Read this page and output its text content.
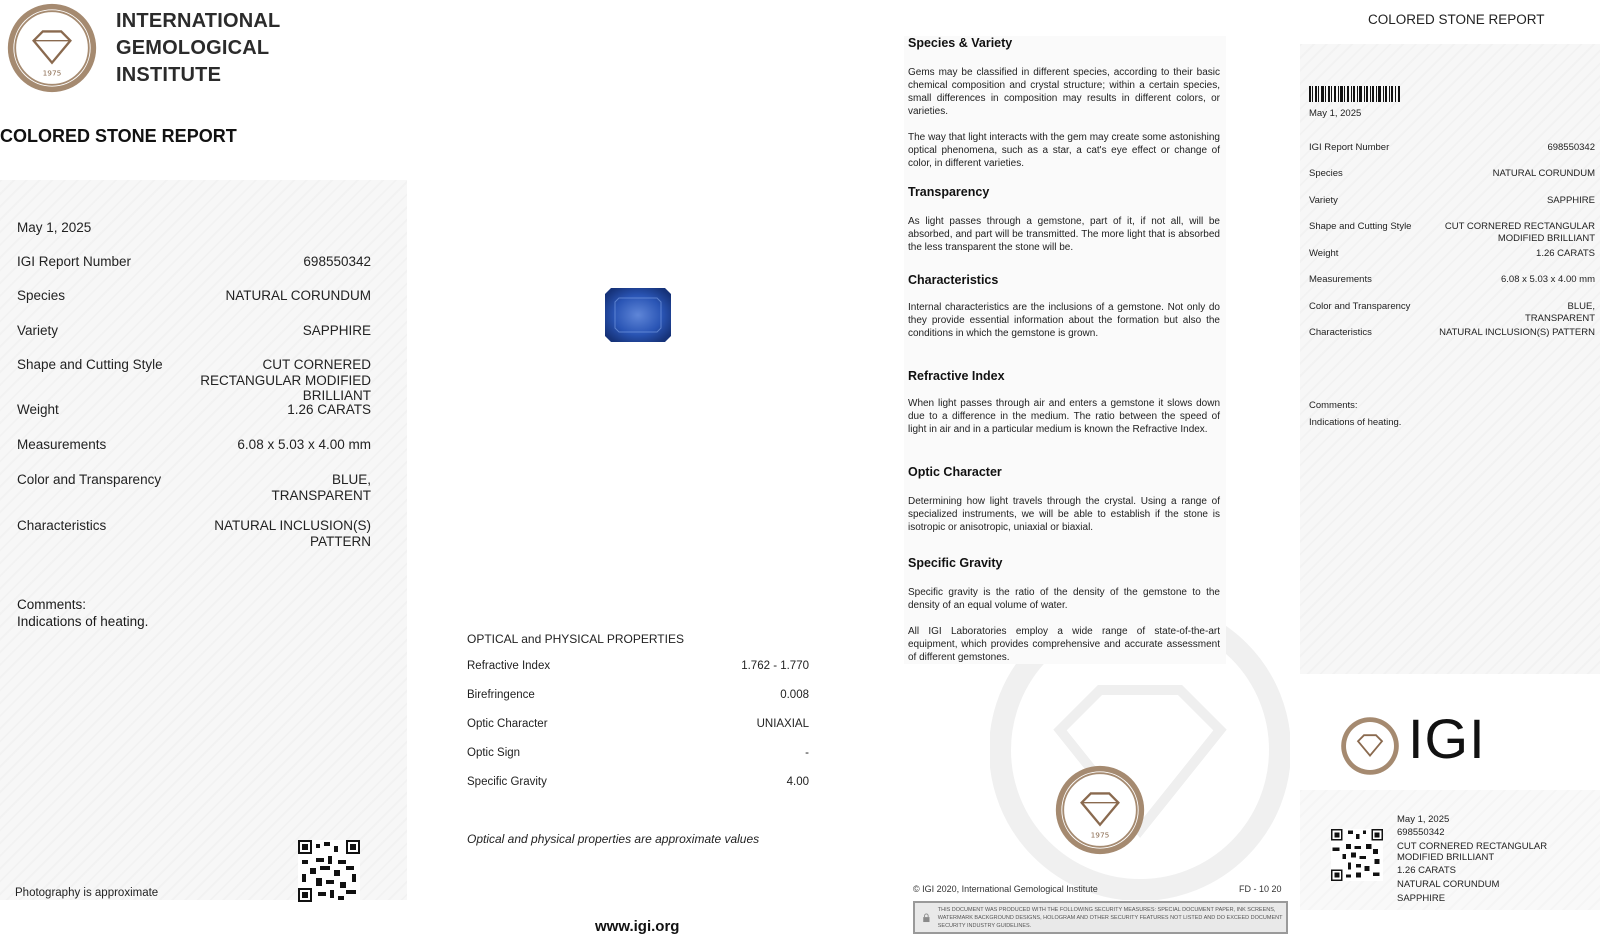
1975
INTERNATIONAL
GEMOLOGICAL
INSTITUTE
COLORED STONE REPORT
May 1, 2025
IGI Report Number	698550342
Species	NATURAL CORUNDUM
Variety	SAPPHIRE
Shape and Cutting Style	CUT CORNERED
RECTANGULAR MODIFIED
BRILLIANT
Weight	1.26 CARATS
Measurements	6.08 x 5.03 x 4.00 mm
Color and Transparency	BLUE,
TRANSPARENT
Characteristics	NATURAL INCLUSION(S)
PATTERN
Comments:
Indications of heating.
Photography is approximate
OPTICAL and PHYSICAL PROPERTIES
Refractive Index	1.762 - 1.770
Birefringence	0.008
Optic Character	UNIAXIAL
Optic Sign	-
Specific Gravity	4.00
Optical and physical properties are approximate values
www.igi.org
Species & Variety
Gems may be classified in different species, according to their basic chemical composition and crystal structure; within a certain species, small differences in composition may results in different colors, or varieties.
The way that light interacts with the gem may create some astonishing optical phenomena, such as a star, a cat's eye effect or change of color, in different varieties.
Transparency
As light passes through a gemstone, part of it, if not all, will be absorbed, and part will be transmitted. The more light that is absorbed the less transparent the stone will be.
Characteristics
Internal characteristics are the inclusions of a gemstone. Not only do they provide essential information about the formation but also the conditions in which the gemstone is grown.
Refractive Index
When light passes through air and enters a gemstone it slows down due to a difference in the medium. The ratio between the speed of light in air and in a particular medium is known the Refractive Index.
Optic Character
Determining how light travels through the crystal. Using a range of specialized instruments, we will be able to establish if the stone is isotropic or anisotropic, uniaxial or biaxial.
Specific Gravity
Specific gravity is the ratio of the density of the gemstone to the density of an equal volume of water.
All IGI Laboratories employ a wide range of state-of-the-art equipment, which provides comprehensive and accurate assessment of different gemstones.
1975
© IGI 2020, International Gemological Institute	FD - 10 20
THIS DOCUMENT WAS PRODUCED WITH THE FOLLOWING SECURITY MEASURES: SPECIAL DOCUMENT PAPER, INK SCREENS, WATERMARK BACKGROUND DESIGNS, HOLOGRAM AND OTHER SECURITY FEATURES NOT LISTED AND DO EXCEED DOCUMENT SECURITY INDUSTRY GUIDELINES.
COLORED STONE REPORT
May 1, 2025
IGI Report Number	698550342
Species	NATURAL CORUNDUM
Variety	SAPPHIRE
Shape and Cutting Style	CUT CORNERED RECTANGULAR
MODIFIED BRILLIANT
Weight	1.26 CARATS
Measurements	6.08 x 5.03 x 4.00 mm
Color and Transparency	BLUE,
TRANSPARENT
Characteristics	NATURAL INCLUSION(S) PATTERN
Comments:
Indications of heating.
IGI
May 1, 2025
698550342
CUT CORNERED RECTANGULAR
MODIFIED BRILLIANT
1.26 CARATS
NATURAL CORUNDUM
SAPPHIRE
